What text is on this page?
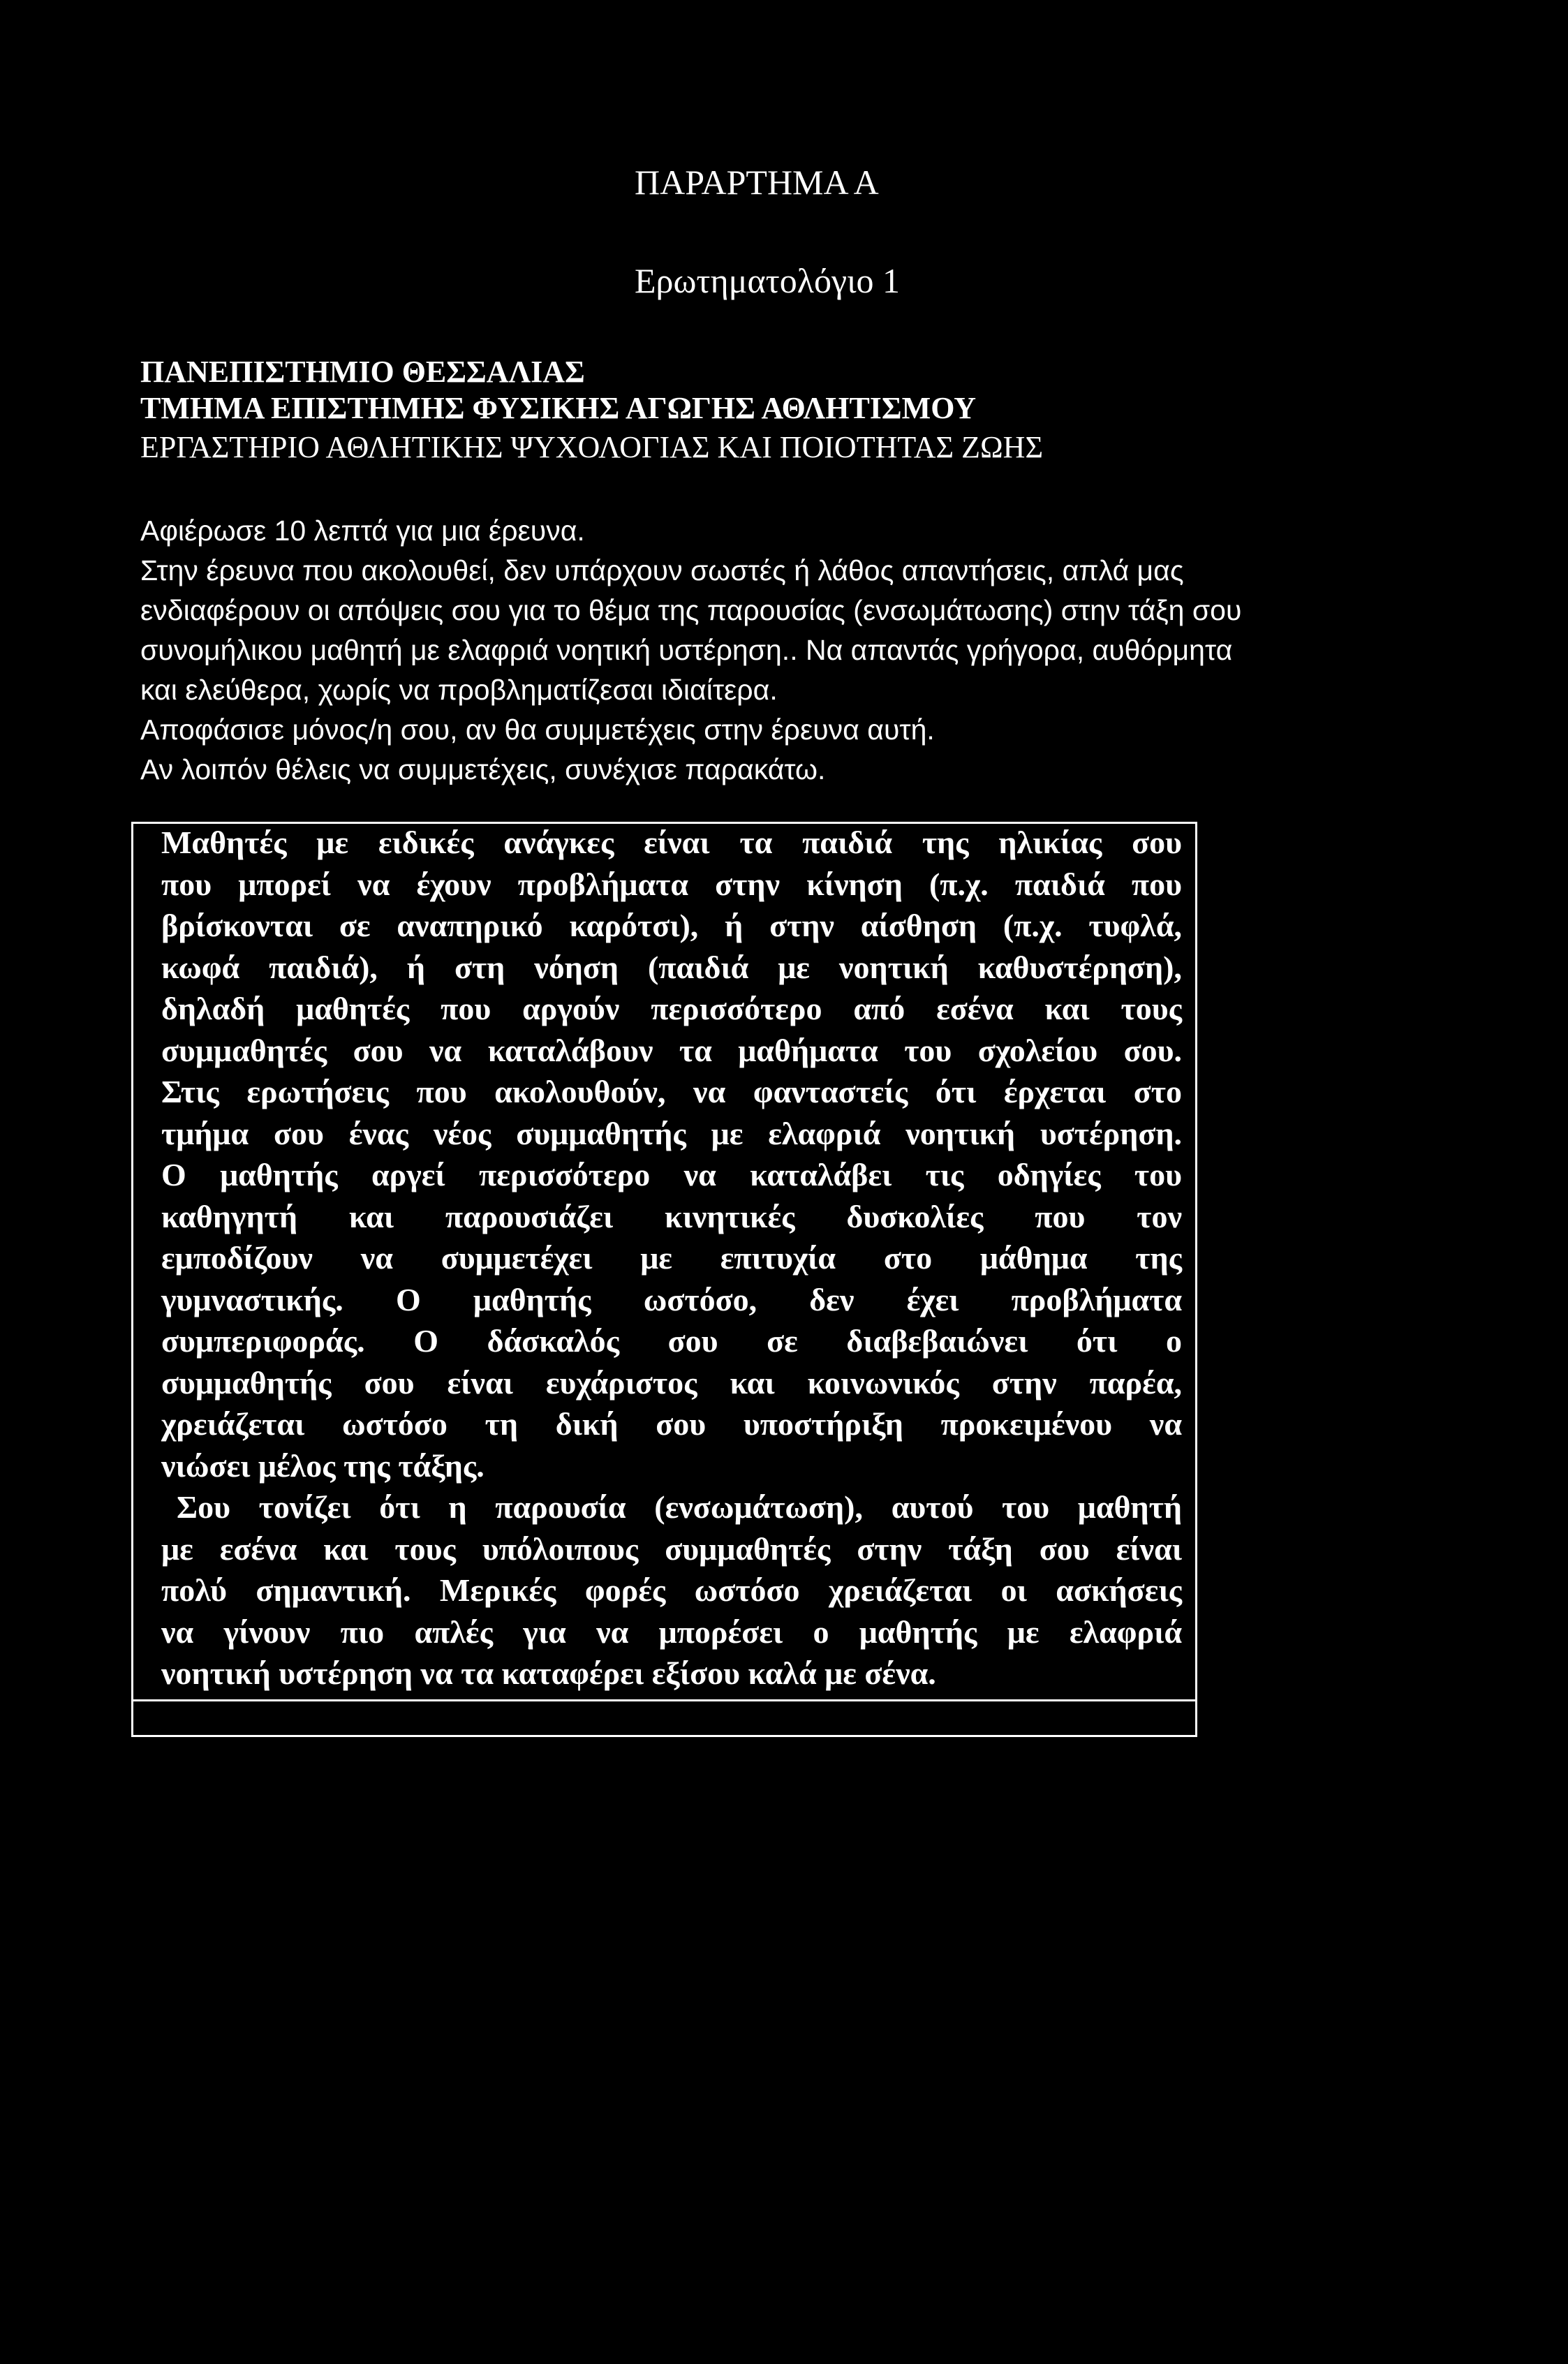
ΠΑΡΑΡΤΗΜΑ Α
Ερωτηματολόγιο 1
ΠΑΝΕΠΙΣΤΗΜΙΟ ΘΕΣΣΑΛΙΑΣ
ΤΜΗΜΑ ΕΠΙΣΤΗΜΗΣ ΦΥΣΙΚΗΣ ΑΓΩΓΗΣ ΑΘΛΗΤΙΣΜΟΥ
ΕΡΓΑΣΤΗΡΙΟ ΑΘΛΗΤΙΚΗΣ ΨΥΧΟΛΟΓΙΑΣ ΚΑΙ ΠΟΙΟΤΗΤΑΣ ΖΩΗΣ
Αφιέρωσε 10 λεπτά για μια έρευνα.
Στην έρευνα που ακολουθεί, δεν υπάρχουν σωστές ή λάθος απαντήσεις, απλά μας
ενδιαφέρουν οι απόψεις σου για το θέμα της παρουσίας (ενσωμάτωσης) στην τάξη σου
συνομήλικου μαθητή με ελαφριά νοητική υστέρηση.. Να απαντάς γρήγορα, αυθόρμητα
και ελεύθερα, χωρίς να προβληματίζεσαι ιδιαίτερα.
Αποφάσισε μόνος/η σου, αν θα συμμετέχεις στην έρευνα αυτή.
Αν λοιπόν θέλεις να συμμετέχεις, συνέχισε παρακάτω.
Μαθητές με ειδικές ανάγκες είναι τα παιδιά της ηλικίας σου
που μπορεί να έχουν προβλήματα στην κίνηση (π.χ. παιδιά που
βρίσκονται σε αναπηρικό καρότσι), ή στην αίσθηση (π.χ. τυφλά,
κωφά παιδιά), ή στη νόηση (παιδιά με νοητική καθυστέρηση),
δηλαδή μαθητές που αργούν περισσότερο από εσένα και τους
συμμαθητές σου να καταλάβουν τα μαθήματα του σχολείου σου.
Στις ερωτήσεις που ακολουθούν, να φανταστείς ότι έρχεται στο
τμήμα σου ένας νέος συμμαθητής με ελαφριά νοητική υστέρηση.
Ο μαθητής αργεί περισσότερο να καταλάβει τις οδηγίες του
καθηγητή και παρουσιάζει κινητικές δυσκολίες που τον
εμποδίζουν να συμμετέχει με επιτυχία στο μάθημα της
γυμναστικής. Ο μαθητής ωστόσο, δεν έχει προβλήματα
συμπεριφοράς. Ο δάσκαλός σου σε διαβεβαιώνει ότι ο
συμμαθητής σου είναι ευχάριστος και κοινωνικός στην παρέα,
χρειάζεται ωστόσο τη δική σου υποστήριξη προκειμένου να
νιώσει μέλος της τάξης.
Σου τονίζει ότι η παρουσία (ενσωμάτωση), αυτού του μαθητή
με εσένα και τους υπόλοιπους συμμαθητές στην τάξη σου είναι
πολύ σημαντική. Μερικές φορές ωστόσο χρειάζεται οι ασκήσεις
να γίνουν πιο απλές για να μπορέσει ο μαθητής με ελαφριά
νοητική υστέρηση να τα καταφέρει εξίσου καλά με σένα.
